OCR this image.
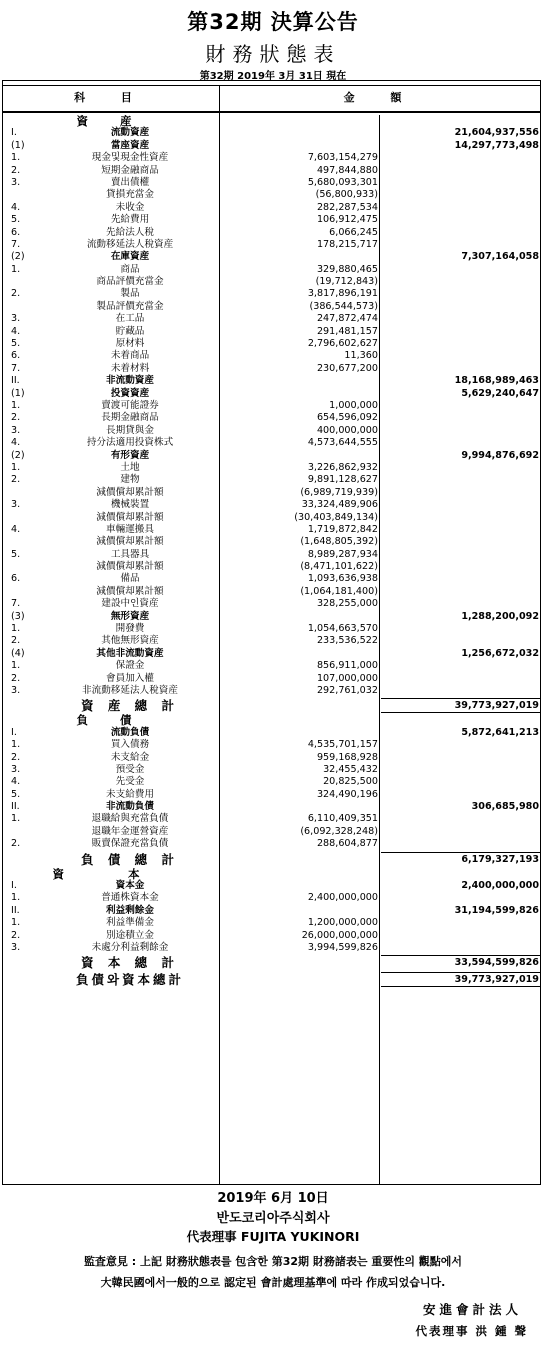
第32期 決算公告
財務狀態表
第32期 2019年 3月 31日 現在
科 目	金 額
資 産
I.	流動資産	21,604,937,556
(1)	當座資産	14,297,773,498
1.	現金및現金性資産	7,603,154,279
2.	短期金融商品	497,844,880
3.	賣出債權	5,680,093,301
貸損充當金	(56,800,933)
4.	未收金	282,287,534
5.	先給費用	106,912,475
6.	先給法人稅	6,066,245
7.	流動移延法人稅資産	178,215,717
(2)	在庫資産	7,307,164,058
1.	商品	329,880,465
商品評價充當金	(19,712,843)
2.	製品	3,817,896,191
製品評價充當金	(386,544,573)
3.	在工品	247,872,474
4.	貯藏品	291,481,157
5.	原材料	2,796,602,627
6.	未着商品	11,360
7.	未着材料	230,677,200
II.	非流動資産	18,168,989,463
(1)	投資資産	5,629,240,647
1.	賣渡可能證券	1,000,000
2.	長期金融商品	654,596,092
3.	長期貸與金	400,000,000
4.	持分法適用投資株式	4,573,644,555
(2)	有形資産	9,994,876,692
1.	土地	3,226,862,932
2.	建物	9,891,128,627
減價償却累計額	(6,989,719,939)
3.	機械裝置	33,324,489,906
減價償却累計額	(30,403,849,134)
4.	車輛運搬具	1,719,872,842
減價償却累計額	(1,648,805,392)
5.	工具器具	8,989,287,934
減價償却累計額	(8,471,101,622)
6.	備品	1,093,636,938
減價償却累計額	(1,064,181,400)
7.	建設中인資産	328,255,000
(3)	無形資産	1,288,200,092
1.	開發費	1,054,663,570
2.	其他無形資産	233,536,522
(4)	其他非流動資産	1,256,672,032
1.	保證金	856,911,000
2.	會員加入權	107,000,000
3.	非流動移延法人稅資産	292,761,032
資 産 總 計	39,773,927,019
負 債
I.	流動負債	5,872,641,213
1.	買入債務	4,535,701,157
2.	未支給金	959,168,928
3.	預受金	32,455,432
4.	先受金	20,825,500
5.	未支給費用	324,490,196
II.	非流動負債	306,685,980
1.	退職給與充當負債	6,110,409,351
退職年金運營資産	(6,092,328,248)
2.	販賣保證充當負債	288,604,877
負 債 總 計	6,179,327,193
資 本
I.	資本金	2,400,000,000
1.	普通株資本金	2,400,000,000
II.	利益剩餘金	31,194,599,826
1.	利益準備金	1,200,000,000
2.	別途積立金	26,000,000,000
3.	未處分利益剩餘金	3,994,599,826
資 本 總 計	33,594,599,826
負債와資本總計	39,773,927,019
2019年 6月 10日
반도코리아주식회사
代表理事 FUJITA YUKINORI
監査意見 : 上記 財務狀態表를 包含한 第32期 財務諸表는 重要性의 觀點에서
大韓民國에서一般的으로 認定된 會計處理基準에 따라 作成되었습니다.
安進會計法人
代表理事 洪 鍾 聲
